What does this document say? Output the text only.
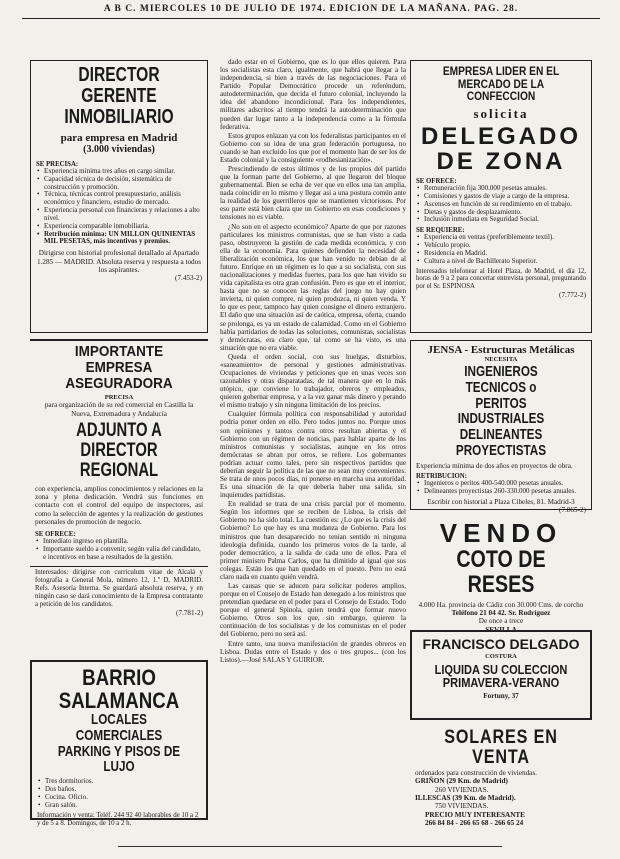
A B C. MIERCOLES 10 DE JULIO DE 1974. EDICION DE LA MAÑANA. PAG. 28.
DIRECTOR GERENTE
INMOBILIARIO
para empresa en Madrid
(3.000 viviendas)
SE PRECISA:
• Experiencia mínima tres años en cargo similar.
• Capacidad técnica de decisión, sistemática de construcción y promoción.
• Técnica, técnicas control presupuestario, análisis económico y financiero, estudio de mercado.
• Experiencia personal con financieras y relaciones a alto nivel.
• Experiencia comparable inmobiliaria.
• Retribución mínima: UN MILLON QUINIENTAS MIL PESETAS, más incentivos y premios.
Dirigirse con historial profesional detallado al Apartado 1.285 — MADRID. Absoluta reserva y respuesta a todos los aspirantes.
(7.453-2)
IMPORTANTE EMPRESA
ASEGURADORA
PRECISA
para organización de su red comercial en Castilla la Nueva, Extremadura y Andalucía
ADJUNTO A DIRECTOR
REGIONAL
con experiencia, amplios conocimientos y relaciones en la zona y plena dedicación. Vendrá sus funciones en contacto con el control del equipo de inspectores, así como la selección de agentes y la realización de gestiones personales de promoción de negocio.
SE OFRECE:
• Inmediato ingreso en plantilla.
• Importante sueldo a convenir, según valía del candidato, e incentivos en base a resultados de la gestión.
Interesados: dirigirse con curriculum vitae de Alcalá y fotografía a General Mola, número 12, 1.º D, MADRID. Refs. Asesoría Interna. Se guardará absoluta reserva, y en ningún caso se dará conocimiento de la Empresa contratante a petición de los candidatos.
(7.781-2)
BARRIO
SALAMANCA
LOCALES COMERCIALES
PARKING Y PISOS DE LUJO
• Tres dormitorios.
• Dos baños.
• Cocina. Oficio.
• Gran salón.
Información y venta: Teléf. 244 92 40 laborables de 10 a 2 y de 5 a 8. Domingos, de 10 a 2 h.

dado estar en el Gobierno, que es lo que ellos quieren. Para los socialistas esta claro, igualmente, que habrá que llegar a la independencia, si bien a través de las negociaciones. Para el Partido Popular Democrático procede un referéndum, autodeterminación, que decida el futuro colonial, incluyendo la idea del abandono incondicional. Para los independientes, militares adscritos al tiempo tendrá la autodeterminación que pueden dar lugar tanto a la independencia como a la fórmula federativa.

Estos grupos enlazan ya con los federalistas participantes en el Gobierno con su idea de una gran federación portuguesa, no cuando se han excluido los que por el momento han de ser los de Estado colonial y la consiguiente «rodhesianización».

Prescindiendo de estos últimos y de los propios del partido que la forman parte del Gobierno, al que llegaron del bloque gubernamental. Bien se echa de ver que en ellos una tan amplia, nada coincidir en lo mismo y llegar así a una postura común ante la realidad de los guerrilleros que se mantienen victoriosos. Por eso parte está bien clara que un Gobierno en esas condiciones y tensiones no es viable.

¿No son en el aspecto económico? Aparte de que por razones particulares los ministros comunistas, que se han visto a cada paso, obstruyeron la gestión de cada medida económica, y con ella de la economía. Para quienes defienden la necesidad de liberalización económica, los que han venido no debían de al futuro. Enrique en un régimen es lo que a su socialista, con sus nacionalizaciones y medidas fuertes, para los que han vivido su vida capitalista es otra gran confusión. Pero es que en el interior, hasta que no se conocen las reglas del juego no hay quien invierta, ni quien compre, ni quien produzca, ni quien venda. Y lo que es peor, tampoco hay quien consigne el dinero extranjero. El daño que una situación así de caótica, empresa, oferta, cuando se prolonga, es ya un estado de calamidad. Como en el Gobierno había partidarios de todas las soluciones, comunistas, socialistas y demócratas, era claro que, tal como se ha visto, es una situación que no era viable.

Queda el orden social, con sus huelgas, disturbios, «saneamiento» de personal y gestiones administrativas. Ocupaciones de viviendas y peticiones que en unas veces son razonables y otras disparatadas, de tal manera que en lo más utópico, que conviene lo trabajador, obreros y empleados, quieren gobernar empresa, y a la vez ganar más dinero y perando el mismo trabajo y sin ninguna limitación de los precios.

Cualquier fórmula política con responsabilidad y autoridad podría poner orden en ello. Pero todos juntos no. Porque unos son opiniones y tantos contra otros resultan abiertas y el Gobierno con un régimen de noticias, para hablar aparte de los ministros comunistas y socialistas, aunque en los otros demócratas se abran por otros, se refiere. Los gobernantes podrían actuar como tales, pero sin respectivos partidos que deberían seguir la política de las que no sean muy convenientes. Se trata de unos pocos días, ni ponerse en marcha una autoridad. Es una situación de la que debería haber una salida, sin inquietudes partidistas.

En realidad se trata de una crisis parcial por el momento. Según los informes que se reciben de Lisboa, la crisis del Gobierno no ha sido total. La cuestión es: ¿Lo que es la crisis del Gobierno? Lo que hay es una mudanza de Gobierno. Para los ministros que han desaparecido no tenían sentido ni ninguna ideología definida, cuando los primeros votos de la tarde, al poder democrático, a la salida de cada uno de ellos. Para el primer ministro Palma Carlos, que ha dimitido al igual que sus colegas. Están los que han quedado en el puesto. Pero no está claro nada en cuanto quién vendrá.

Las causas que se aducen para solicitar poderes amplios, porque en el Consejo de Estado han denegado a los ministros que pretendían quedarse en el poder para el Consejo de Estado. Todo porque el general Spinola, quien tendrá que formar nuevo Gobierno. Otros son los que, sin embargo, quieren la continuación de los socialistas y de los comunistas en el poder del Gobierno, pero no será así.

Entre tanto, una nueva manifestación de grandes obreros en Lisboa. Dudas entre el Estado y dos o tres grupos... (con los Listos).—José SALAS Y GUIRIOR.

EMPRESA LIDER EN EL
MERCADO DE LA CONFECCION
solicita
DELEGADO
DE ZONA
SE OFRECE:
• Remuneración fija 300.000 pesetas anuales.
• Comisiones y gastos de viaje a cargo de la empresa.
• Ascensos en función de su rendimiento en el trabajo.
• Dietas y gastos de desplazamiento.
• Inclusión inmediata en Seguridad Social.
SE REQUIERE:
• Experiencia en ventas (preferiblemente textil).
• Vehículo propio.
• Residencia en Madrid.
• Cultura a nivel de Bachillerato Superior.
Interesados telefonear al Hotel Plaza, de Madrid, el día 12, horas de 9 a 2 para concertar entrevista personal, preguntando por el Sr. ESPINOSA
(7.772-2)
JENSA - Estructuras Metálicas
NECESITA
INGENIEROS TECNICOS o
PERITOS INDUSTRIALES
DELINEANTES PROYECTISTAS
Experiencia mínima de dos años en proyectos de obra.
RETRIBUCION:
• Ingenieros o peritos 400-540.000 pesetas anuales.
• Delineantes proyectistas 260-330.000 pesetas anuales.
Escribir con historial a Plaza Cibeles, 81. Madrid-3
(7.865-2)
VENDO
COTO DE RESES
4.000 Ha. provincia de Cádiz con 30.000 Cms. de corcho
Teléfono 21 04 42. Sr. Rodríguez
De once a trece
SEVILLA
FRANCISCO DELGADO
COSTURA
LIQUIDA SU COLECCION
PRIMAVERA-VERANO
Fortuny, 37
SOLARES EN VENTA
ordenados para construcción de viviendas.
GRIÑON (29 Km. de Madrid)
260 VIVIENDAS.
ILLESCAS (39 Km. de Madrid).
750 VIVIENDAS.
PRECIO MUY INTERESANTE
266 84 84 - 266 65 68 - 266 65 24
